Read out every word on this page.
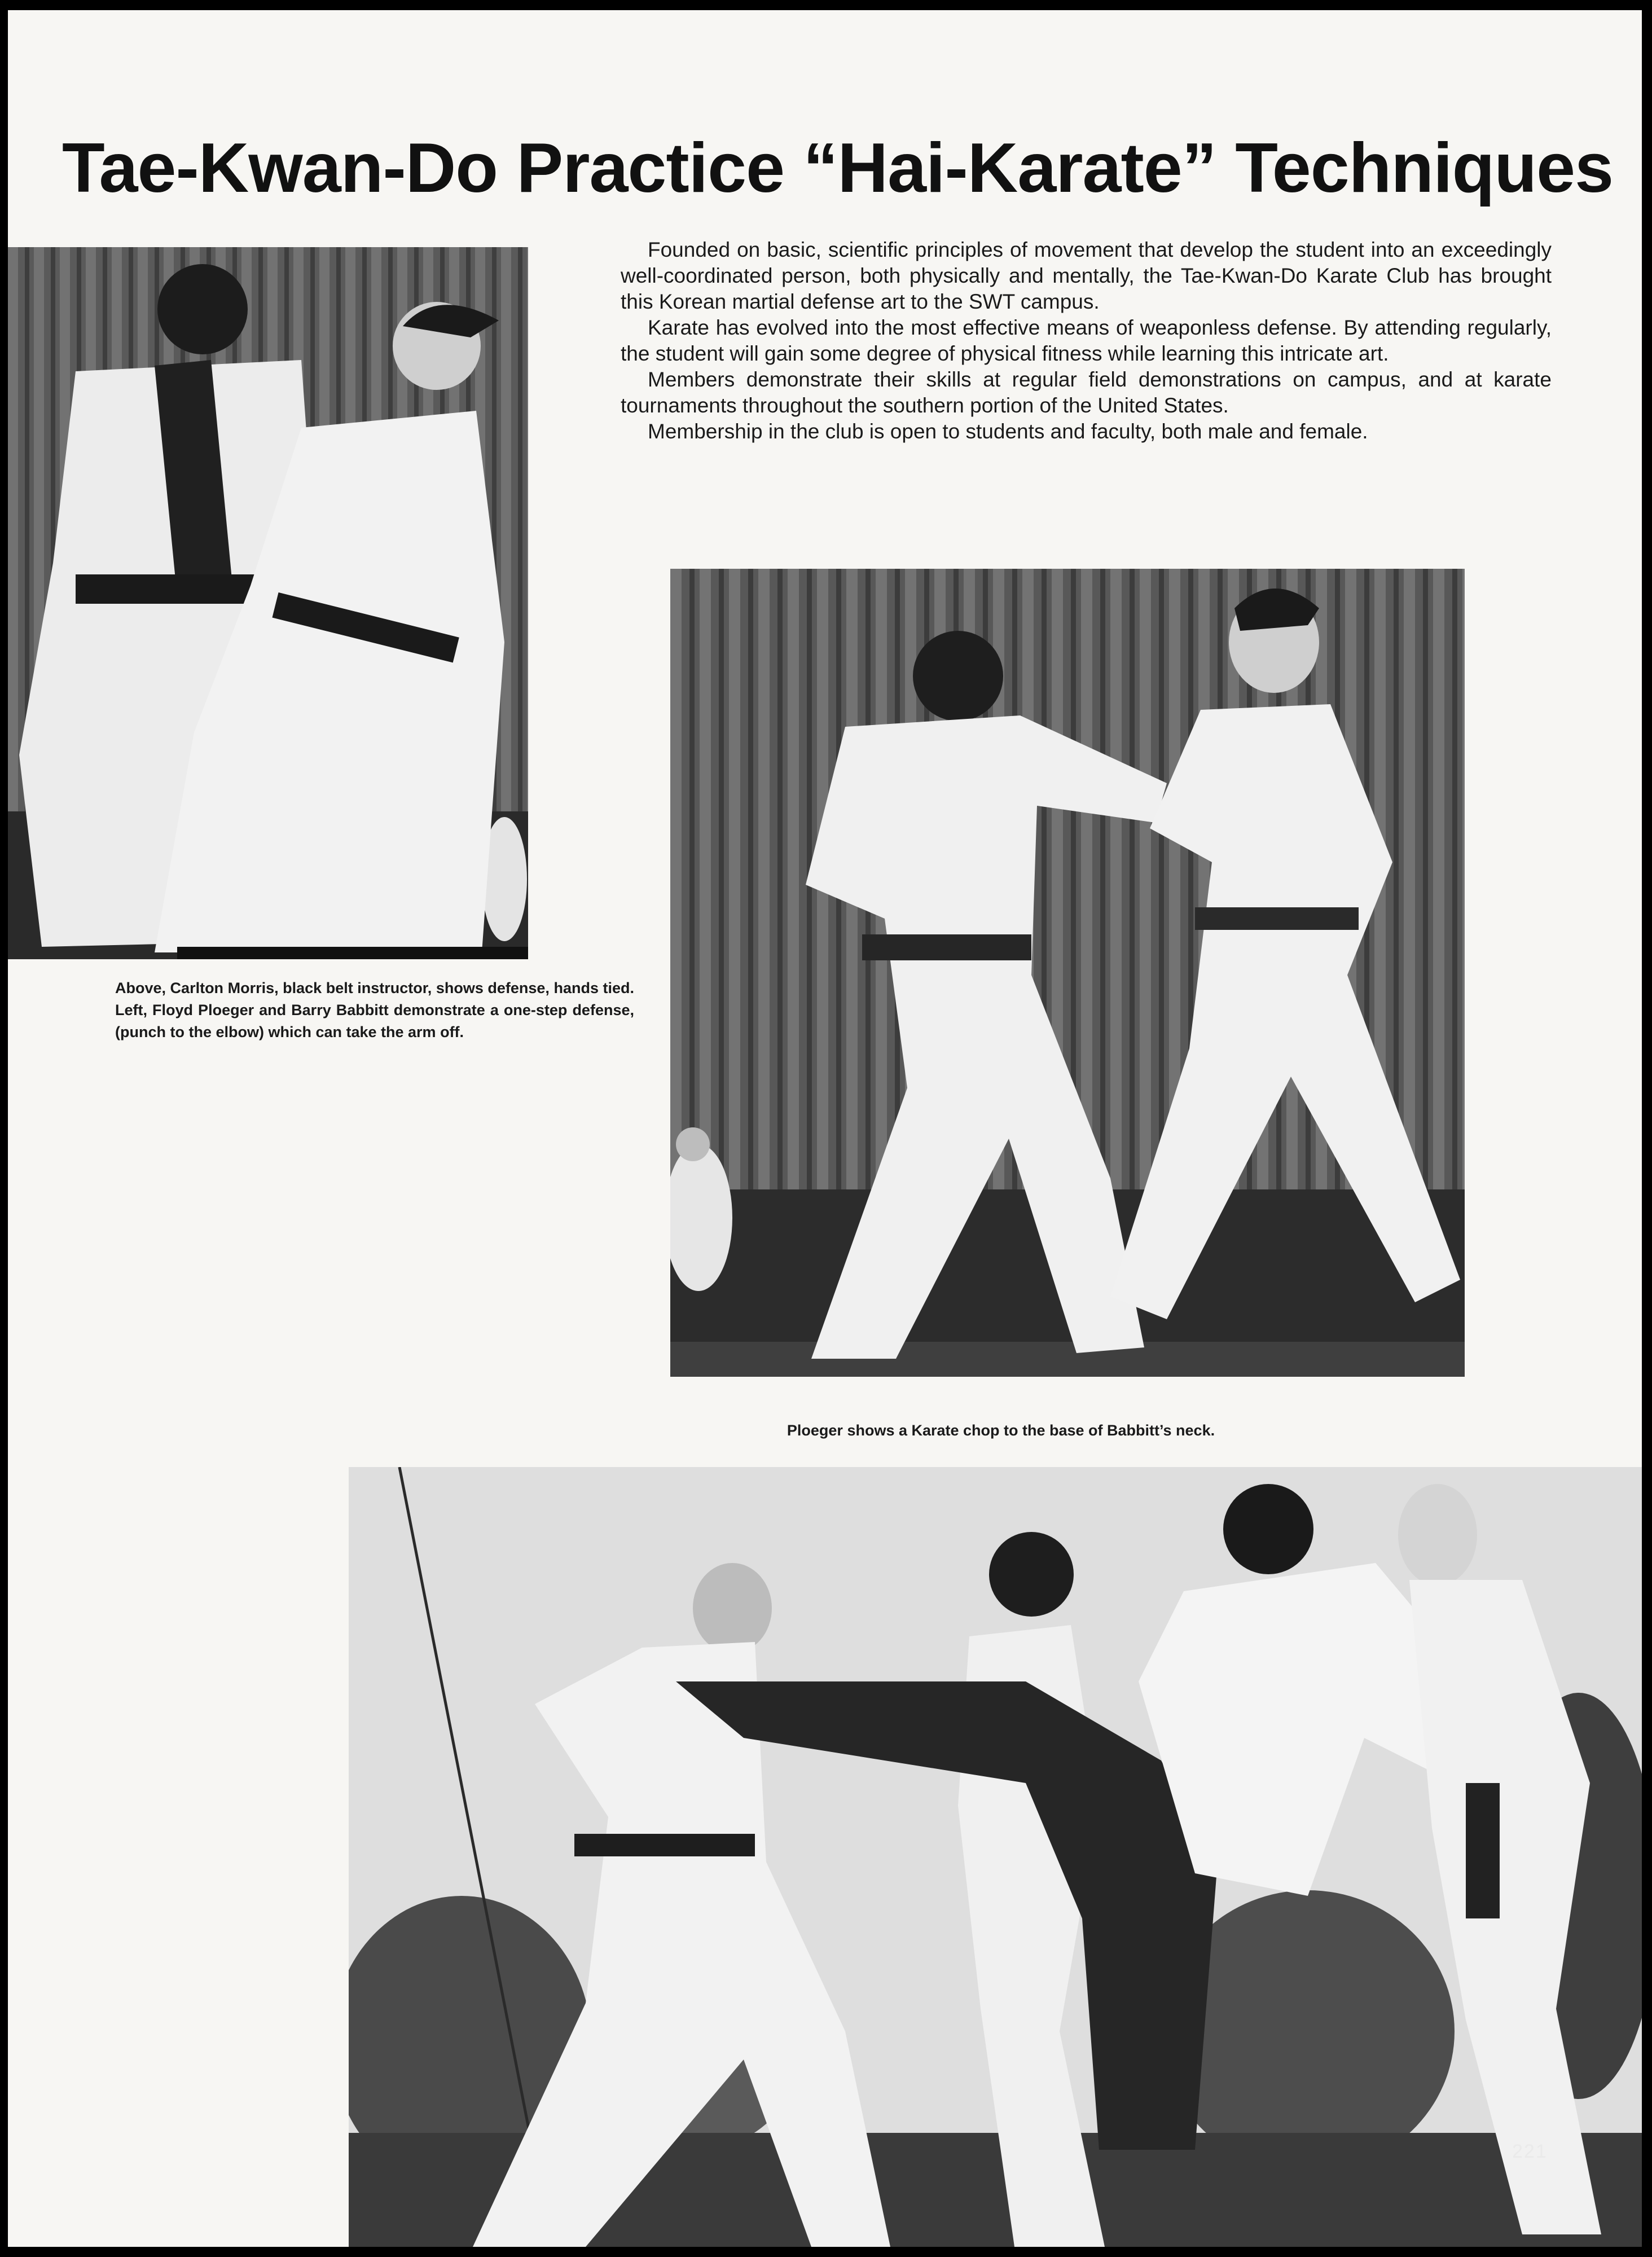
Tae-Kwan-Do Practice “Hai-Karate” Techniques

Founded on basic, scientific principles of movement that develop the student into an exceedingly well-coordinated person, both physically and mentally, the Tae-Kwan-Do Karate Club has brought this Korean martial defense art to the SWT campus.

Karate has evolved into the most effective means of weaponless defense. By attending regularly, the student will gain some degree of physical fitness while learning this intricate art.

Members demonstrate their skills at regular field demonstrations on campus, and at karate tournaments throughout the southern portion of the United States.

Membership in the club is open to students and faculty, both male and female.

Above, Carlton Morris, black belt instructor, shows defense, hands tied. Left, Floyd Ploeger and Barry Babbitt demonstrate a one-step defense, (punch to the elbow) which can take the arm off.
Ploeger shows a Karate chop to the base of Babbitt’s neck.
221
